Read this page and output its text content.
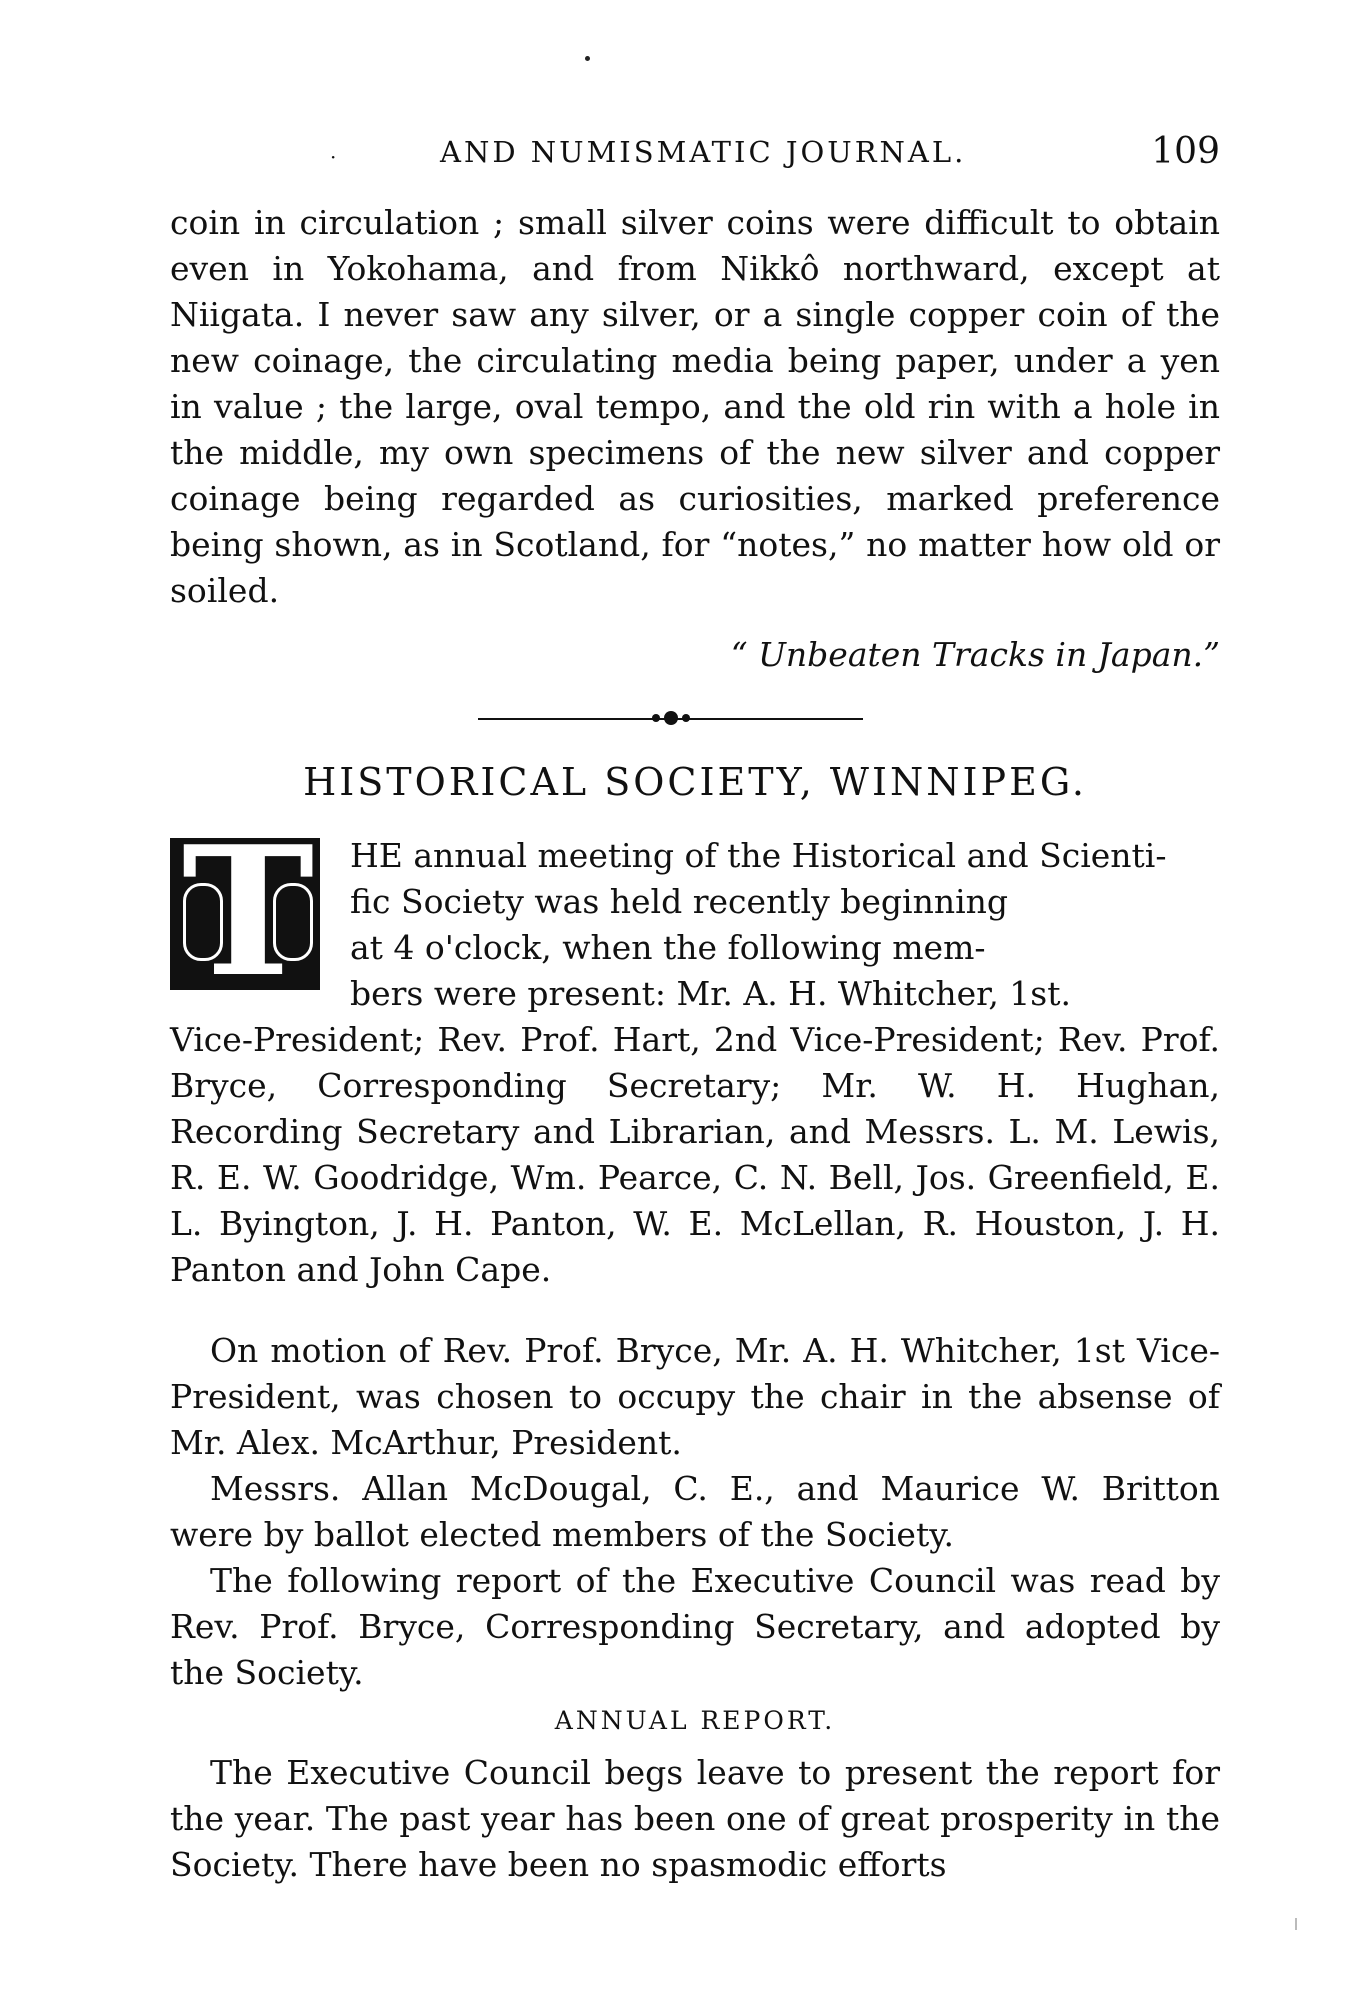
·	AND NUMISMATIC JOURNAL.	109

coin in circulation ; small silver coins were difficult to obtain even in Yokohama, and from Nikkô northward, except at Niigata. I never saw any silver, or a single copper coin of the new coinage, the circulating media being paper, under a yen in value ; the large, oval tempo, and the old rin with a hole in the middle, my own specimens of the new silver and copper coinage being regarded as curiosities, marked preference being shown, as in Scotland, for “notes,” no matter how old or soiled.

“ Unbeaten Tracks in Japan.”
HISTORICAL SOCIETY, WINNIPEG.
HE annual meeting of the Historical and Scienti-
fic Society was held recently beginning
at 4 o'clock, when the following mem-
bers were present: Mr. A. H. Whitcher, 1st.
Vice-President; Rev. Prof. Hart, 2nd Vice-President; Rev. Prof. Bryce, Corresponding Secretary; Mr. W. H. Hughan, Recording Secretary and Librarian, and Messrs. L. M. Lewis, R. E. W. Goodridge, Wm. Pearce, C. N. Bell, Jos. Greenfield, E. L. Byington, J. H. Panton, W. E. McLellan, R. Houston, J. H. Panton and John Cape.
T

On motion of Rev. Prof. Bryce, Mr. A. H. Whitcher, 1st Vice-President, was chosen to occupy the chair in the absense of Mr. Alex. McArthur, President.

Messrs. Allan McDougal, C. E., and Maurice W. Britton were by ballot elected members of the Society.

The following report of the Executive Council was read by Rev. Prof. Bryce, Corresponding Secretary, and adopted by the Society.

ANNUAL REPORT.

The Executive Council begs leave to present the report for the year. The past year has been one of great prosperity in the Society. There have been no spasmodic efforts
